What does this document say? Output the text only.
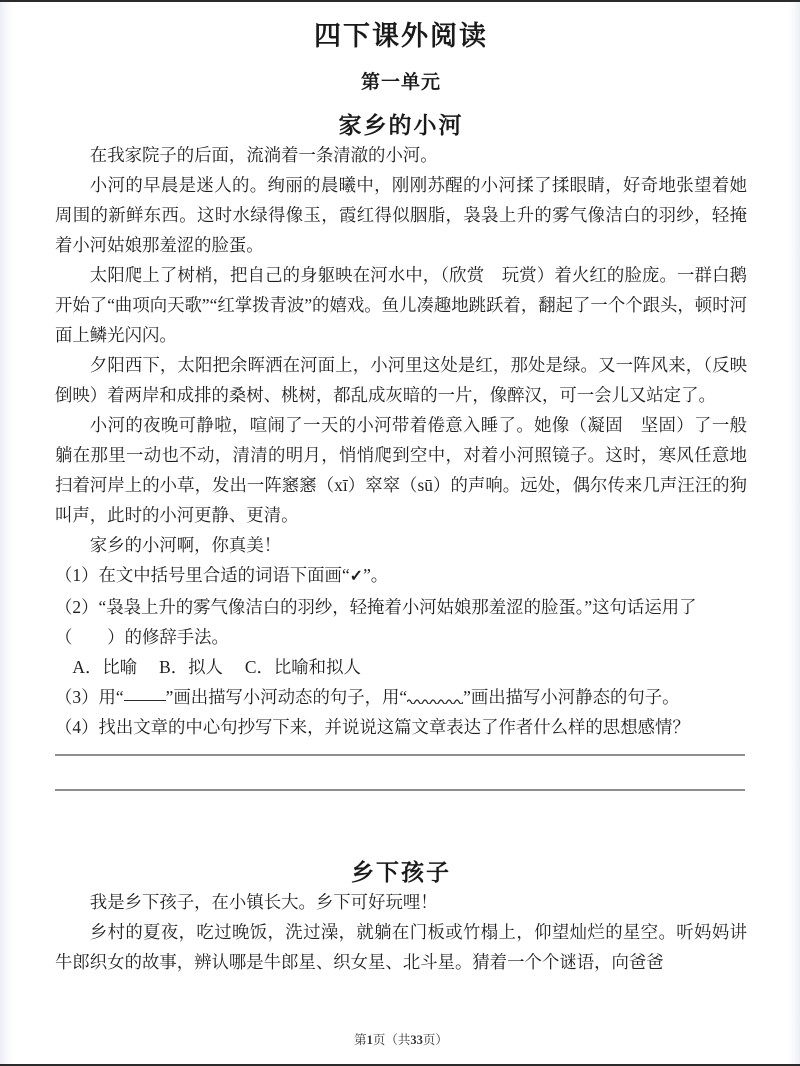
四下课外阅读
第一单元
家乡的小河

在我家院子的后面，流淌着一条清澈的小河。

小河的早晨是迷人的。绚丽的晨曦中，刚刚苏醒的小河揉了揉眼睛，好奇地张望着她周围的新鲜东西。这时水绿得像玉，霞红得似胭脂，袅袅上升的雾气像洁白的羽纱，轻掩着小河姑娘那羞涩的脸蛋。

太阳爬上了树梢，把自己的身躯映在河水中，（欣赏　玩赏）着火红的脸庞。一群白鹅开始了“曲项向天歌”“红掌拨青波”的嬉戏。鱼儿凑趣地跳跃着，翻起了一个个跟头，顿时河面上鳞光闪闪。

夕阳西下，太阳把余晖洒在河面上，小河里这处是红，那处是绿。又一阵风来，（反映　倒映）着两岸和成排的桑树、桃树，都乱成灰暗的一片，像醉汉，可一会儿又站定了。

小河的夜晚可静啦，喧闹了一天的小河带着倦意入睡了。她像（凝固　坚固）了一般躺在那里一动也不动，清清的明月，悄悄爬到空中，对着小河照镜子。这时，寒风任意地扫着河岸上的小草，发出一阵窸窸（xī）窣窣（sū）的声响。远处，偶尔传来几声汪汪的狗叫声，此时的小河更静、更清。

家乡的小河啊，你真美！

（1）在文中括号里合适的词语下面画“✓”。

（2）“袅袅上升的雾气像洁白的羽纱，轻掩着小河姑娘那羞涩的脸蛋。”这句话运用了

（　　）的修辞手法。

A．比喻 B．拟人 C．比喻和拟人

（3）用“ ”画出描写小河动态的句子，用“	”画出描写小河静态的句子。

（4）找出文章的中心句抄写下来，并说说这篇文章表达了作者什么样的思想感情？

乡下孩子

我是乡下孩子，在小镇长大。乡下可好玩哩！

乡村的夏夜，吃过晚饭，洗过澡，就躺在门板或竹榻上，仰望灿烂的星空。听妈妈讲牛郎织女的故事，辨认哪是牛郎星、织女星、北斗星。猜着一个个谜语，向爸爸

第1页（共33页）
